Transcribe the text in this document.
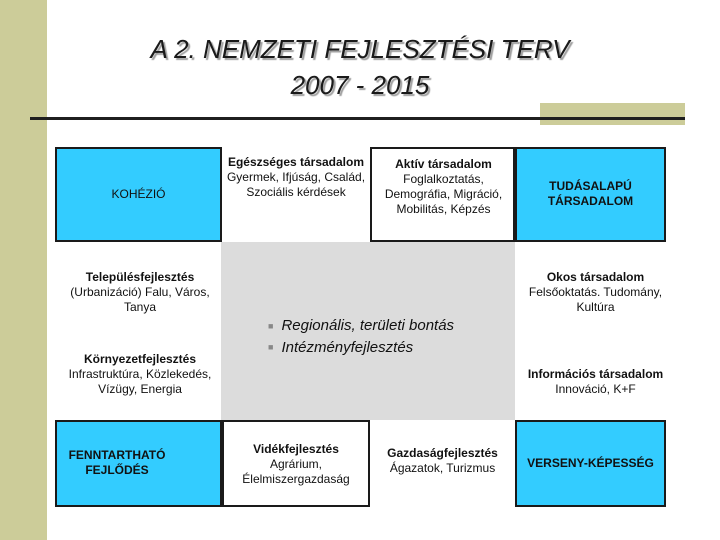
A 2. NEMZETI FEJLESZTÉSI TERV
2007 - 2015
KOHÉZIÓ
Egészséges társadalom
Gyermek, Ifjúság, Család, Szociális kérdések
Aktív társadalom
Foglalkoztatás, Demográfia, Migráció, Mobilitás, Képzés
TUDÁSALAPÚ TÁRSADALOM
Településfejlesztés
(Urbanizáció) Falu, Város, Tanya
Környezetfejlesztés
Infrastruktúra, Közlekedés, Vízügy, Energia
Okos társadalom
Felsőoktatás. Tudomány, Kultúra
Információs társadalom
Innováció, K+F
■ Regionális, területi bontás
■ Intézményfejlesztés
FENNTARTHATÓ FEJLŐDÉS
Vidékfejlesztés
Agrárium, Élelmiszergazdaság
Gazdaságfejlesztés
Ágazatok, Turizmus	VERSENY-KÉPESSÉG
